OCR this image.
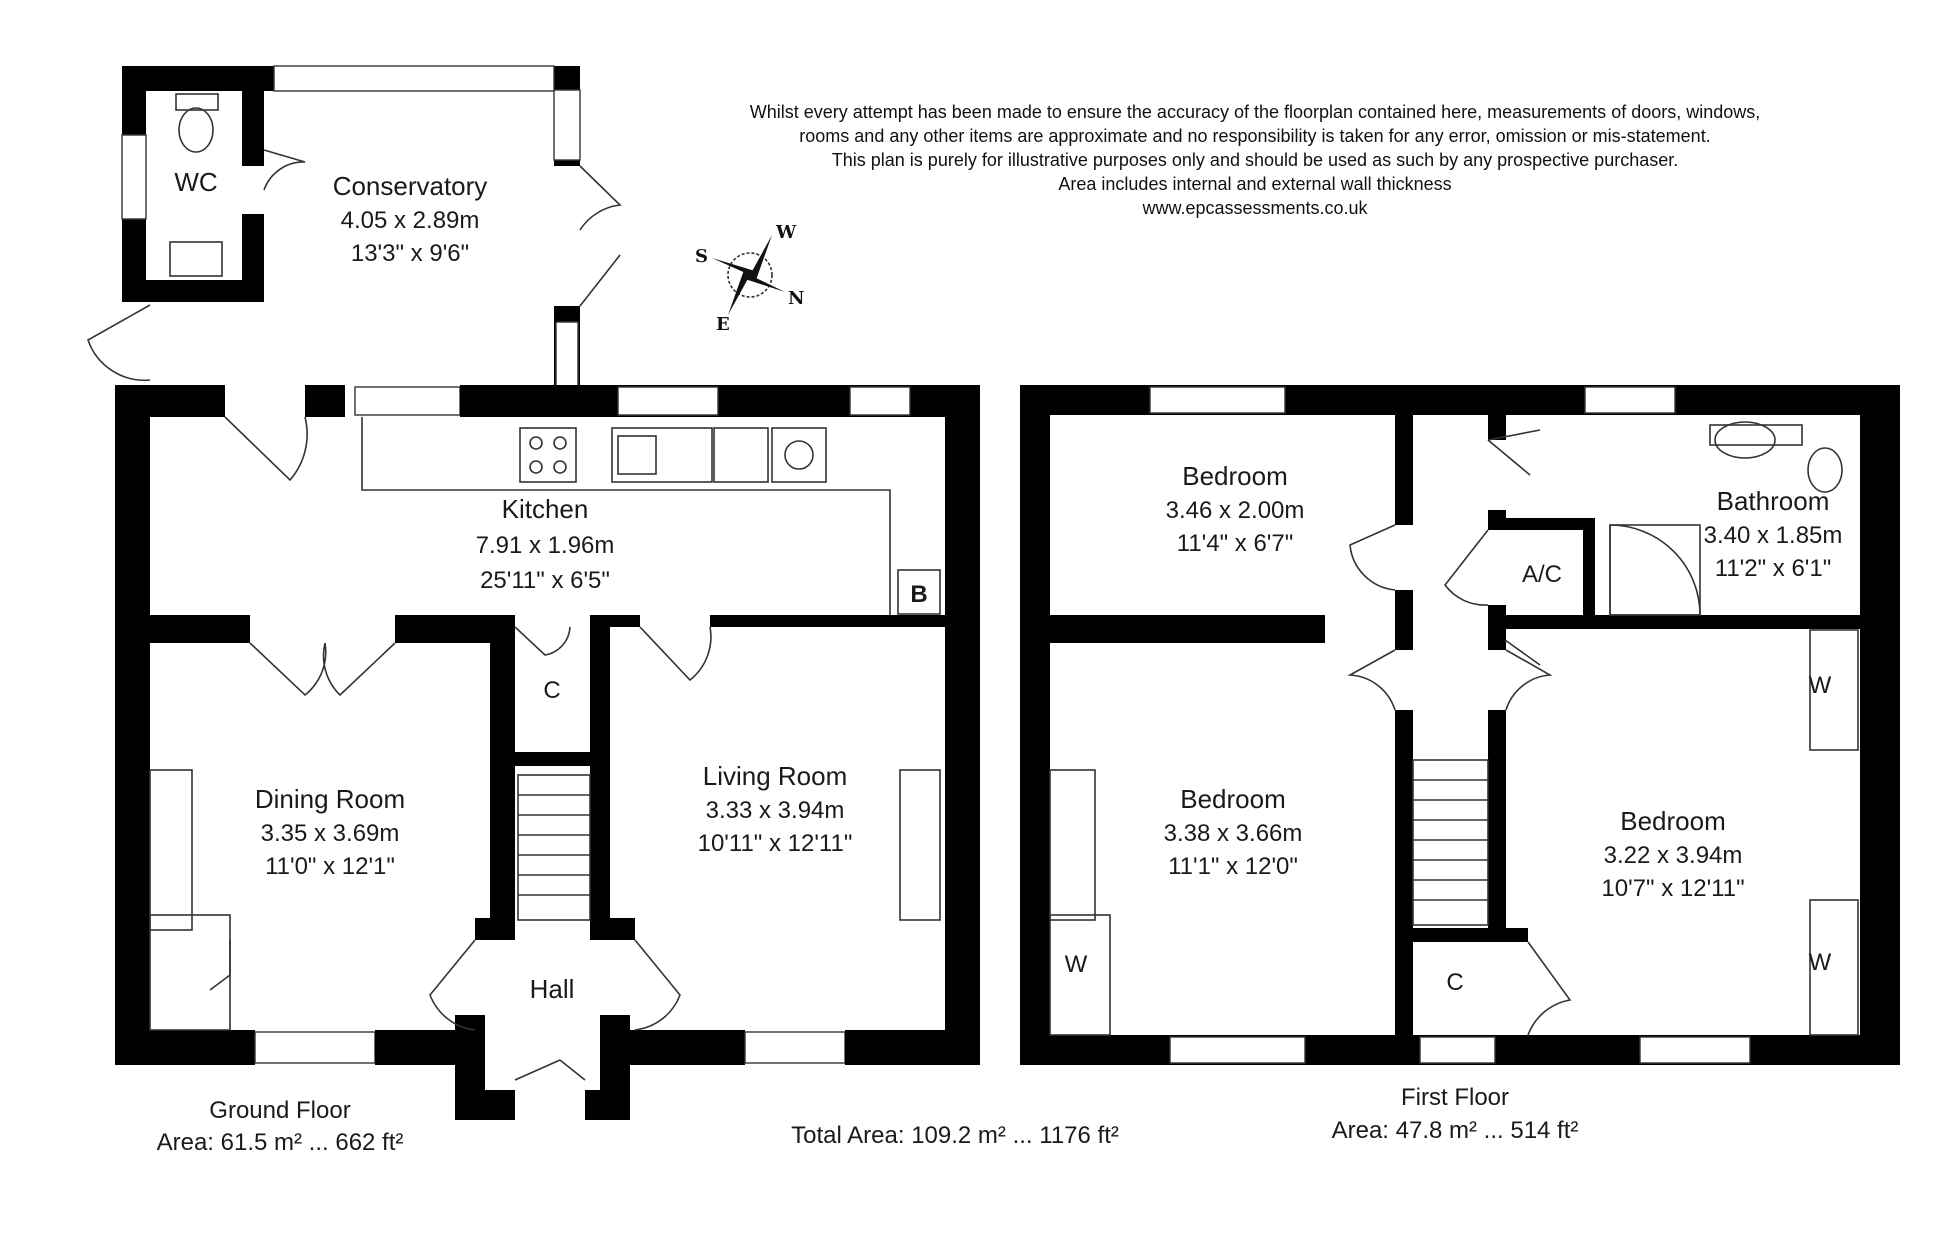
Whilst every attempt has been made to ensure the accuracy of the floorplan contained here, measurements of doors, windows,
rooms and any other items are approximate and no responsibility is taken for any error, omission or mis-statement.
This plan is purely for illustrative purposes only and should be used as such by any prospective purchaser.
Area includes internal and external wall thickness
www.epcassessments.co.uk
W
N
E
S
WC	Conservatory
4.05 x 2.89m
13'3" x 9'6"
Kitchen
7.91 x 1.96m
25'11" x 6'5"
B
C
Dining Room
3.35 x 3.69m
11'0" x 12'1"
Living Room
3.33 x 3.94m
10'11" x 12'11"
Hall
Ground Floor
Area: 61.5 m² ... 662 ft²	Total Area: 109.2 m² ... 1176 ft²
Bedroom
3.46 x 2.00m
11'4" x 6'7"
A/C
Bathroom
3.40 x 1.85m
11'2" x 6'1"
Bedroom
3.38 x 3.66m
11'1" x 12'0"
Bedroom
3.22 x 3.94m
10'7" x 12'11"
W
W
W
C
First Floor
Area: 47.8 m² ... 514 ft²
